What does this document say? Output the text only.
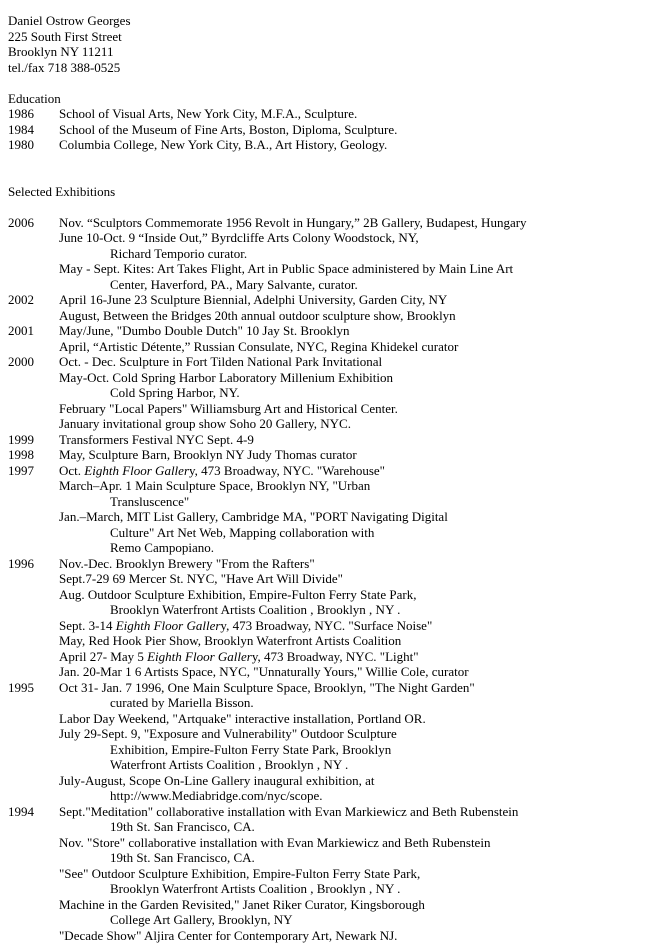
Daniel Ostrow Georges
225 South First Street
Brooklyn NY 11211
tel./fax 718 388-0525
Education
1986	School of Visual Arts, New York City, M.F.A., Sculpture.
1984	School of the Museum of Fine Arts, Boston, Diploma, Sculpture.
1980	Columbia College, New York City, B.A., Art History, Geology.
Selected Exhibitions
2006	Nov. “Sculptors Commemorate 1956 Revolt in Hungary,” 2B Gallery, Budapest, Hungary
June 10-Oct. 9 “Inside Out,” Byrdcliffe Arts Colony Woodstock, NY,
Richard Temporio curator.
May - Sept. Kites: Art Takes Flight, Art in Public Space administered by Main Line Art
Center, Haverford, PA., Mary Salvante, curator.
2002	April 16-June 23 Sculpture Biennial, Adelphi University, Garden City, NY
August, Between the Bridges 20th annual outdoor sculpture show, Brooklyn
2001	May/June, "Dumbo Double Dutch" 10 Jay St. Brooklyn
April, “Artistic Détente,” Russian Consulate, NYC, Regina Khidekel curator
2000	Oct. - Dec. Sculpture in Fort Tilden National Park Invitational
May-Oct. Cold Spring Harbor Laboratory Millenium Exhibition
Cold Spring Harbor, NY.
February "Local Papers" Williamsburg Art and Historical Center.
January invitational group show Soho 20 Gallery, NYC.
1999	Transformers Festival NYC Sept. 4-9
1998	May, Sculpture Barn, Brooklyn NY Judy Thomas curator
1997	Oct. Eighth Floor Gallery, 473 Broadway, NYC. "Warehouse"
March–Apr. 1 Main Sculpture Space, Brooklyn NY, "Urban
Transluscence"
Jan.–March, MIT List Gallery, Cambridge MA, "PORT Navigating Digital
Culture" Art Net Web, Mapping collaboration with
Remo Campopiano.
1996	Nov.-Dec. Brooklyn Brewery "From the Rafters"
Sept.7-29 69 Mercer St. NYC, "Have Art Will Divide"
Aug. Outdoor Sculpture Exhibition, Empire-Fulton Ferry State Park,
Brooklyn Waterfront Artists Coalition , Brooklyn , NY .
Sept. 3-14 Eighth Floor Gallery, 473 Broadway, NYC. "Surface Noise"
May, Red Hook Pier Show, Brooklyn Waterfront Artists Coalition
April 27- May 5 Eighth Floor Gallery, 473 Broadway, NYC. "Light"
Jan. 20-Mar 1 6 Artists Space, NYC, "Unnaturally Yours," Willie Cole, curator
1995	Oct 31- Jan. 7 1996, One Main Sculpture Space, Brooklyn, "The Night Garden"
curated by Mariella Bisson.
Labor Day Weekend, "Artquake" interactive installation, Portland OR.
July 29-Sept. 9, "Exposure and Vulnerability" Outdoor Sculpture
Exhibition, Empire-Fulton Ferry State Park, Brooklyn
Waterfront Artists Coalition , Brooklyn , NY .
July-August, Scope On-Line Gallery inaugural exhibition, at
http://www.Mediabridge.com/nyc/scope.
1994	Sept."Meditation" collaborative installation with Evan Markiewicz and Beth Rubenstein
19th St. San Francisco, CA.
Nov. "Store" collaborative installation with Evan Markiewicz and Beth Rubenstein
19th St. San Francisco, CA.
"See" Outdoor Sculpture Exhibition, Empire-Fulton Ferry State Park,
Brooklyn Waterfront Artists Coalition , Brooklyn , NY .
Machine in the Garden Revisited," Janet Riker Curator, Kingsborough
College Art Gallery, Brooklyn, NY
"Decade Show" Aljira Center for Contemporary Art, Newark NJ.
